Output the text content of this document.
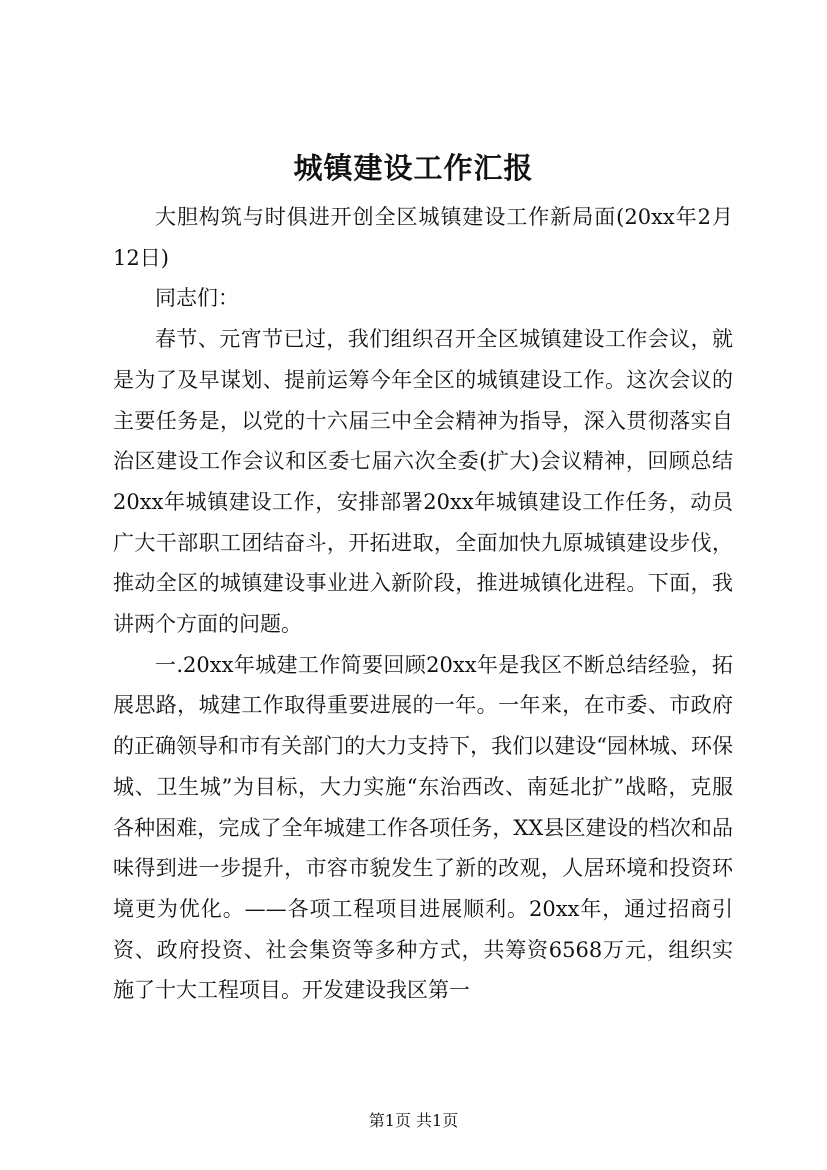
城镇建设工作汇报

大胆构筑与时俱进开创全区城镇建设工作新局面(20xx年2月12日)

同志们：

春节、元宵节已过，我们组织召开全区城镇建设工作会议，就是为了及早谋划、提前运筹今年全区的城镇建设工作。这次会议的主要任务是，以党的十六届三中全会精神为指导，深入贯彻落实自治区建设工作会议和区委七届六次全委(扩大)会议精神，回顾总结20xx年城镇建设工作，安排部署20xx年城镇建设工作任务，动员广大干部职工团结奋斗，开拓进取，全面加快九原城镇建设步伐，推动全区的城镇建设事业进入新阶段，推进城镇化进程。下面，我讲两个方面的问题。

一.20xx年城建工作简要回顾20xx年是我区不断总结经验，拓展思路，城建工作取得重要进展的一年。一年来，在市委、市政府的正确领导和市有关部门的大力支持下，我们以建设“园林城、环保城、卫生城”为目标，大力实施“东治西改、南延北扩”战略，克服各种困难，完成了全年城建工作各项任务，XX县区建设的档次和品味得到进一步提升，市容市貌发生了新的改观，人居环境和投资环境更为优化。——各项工程项目进展顺利。20xx年，通过招商引资、政府投资、社会集资等多种方式，共筹资6568万元，组织实施了十大工程项目。开发建设我区第一

第1页 共1页
